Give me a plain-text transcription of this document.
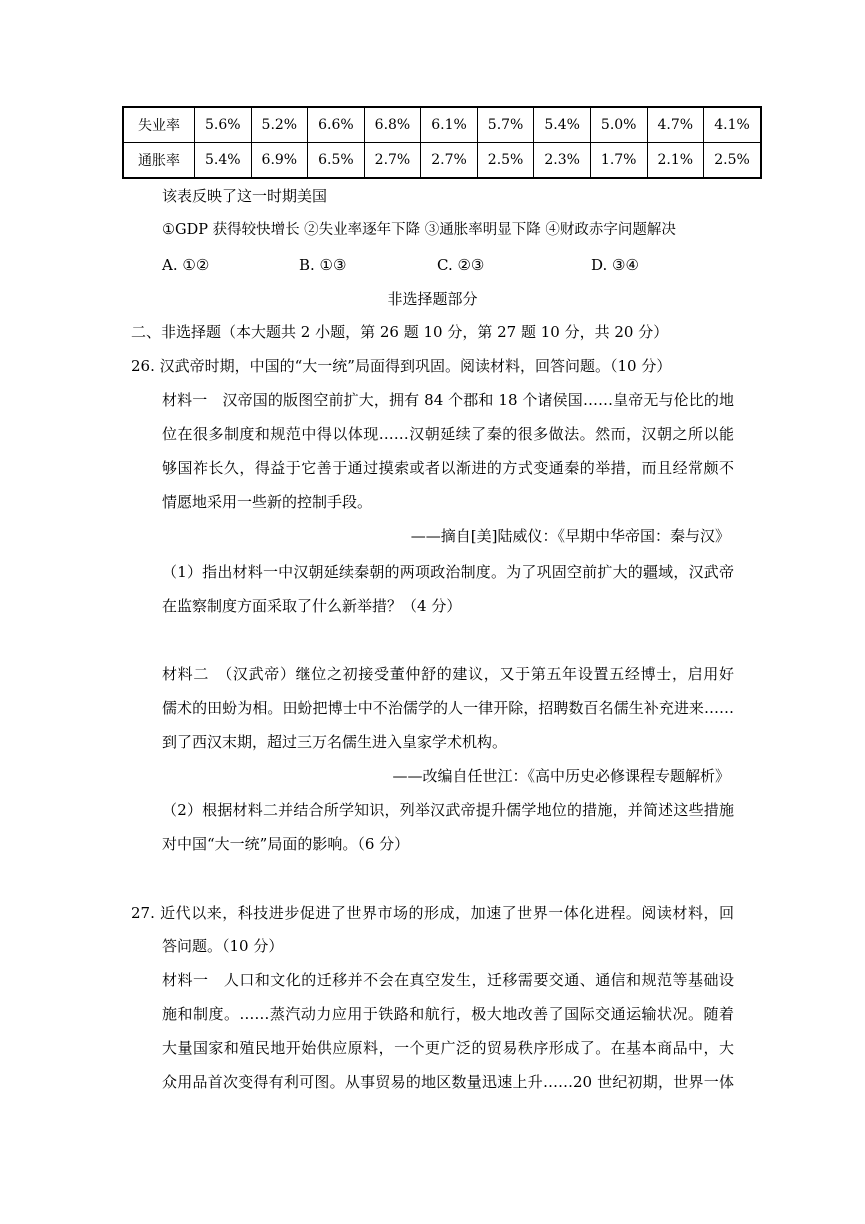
失业率	5.6%	5.2%	6.6%	6.8%	6.1%	5.7%	5.4%	5.0%	4.7%	4.1%
通胀率	5.4%	6.9%	6.5%	2.7%	2.7%	2.5%	2.3%	1.7%	2.1%	2.5%
该表反映了这一时期美国
①GDP 获得较快增长 ②失业率逐年下降 ③通胀率明显下降 ④财政赤字问题解决
A. ①②	B. ①③	C. ②③	D. ③④
非选择题部分
二、非选择题（本大题共 2 小题，第 26 题 10 分，第 27 题 10 分，共 20 分）
26. 汉武帝时期，中国的“大一统”局面得到巩固。阅读材料，回答问题。（10 分）
材料一　汉帝国的版图空前扩大，拥有 84 个郡和 18 个诸侯国……皇帝无与伦比的地
位在很多制度和规范中得以体现……汉朝延续了秦的很多做法。然而，汉朝之所以能
够国祚长久，得益于它善于通过摸索或者以渐进的方式变通秦的举措，而且经常颇不
情愿地采用一些新的控制手段。
——摘自[美]陆威仪：《早期中华帝国：秦与汉》
（1）指出材料一中汉朝延续秦朝的两项政治制度。为了巩固空前扩大的疆域，汉武帝
在监察制度方面采取了什么新举措？（4 分）
材料二　（汉武帝）继位之初接受董仲舒的建议，又于第五年设置五经博士，启用好
儒术的田蚡为相。田蚡把博士中不治儒学的人一律开除，招聘数百名儒生补充进来……
到了西汉末期，超过三万名儒生进入皇家学术机构。
——改编自任世江：《高中历史必修课程专题解析》
（2）根据材料二并结合所学知识，列举汉武帝提升儒学地位的措施，并简述这些措施
对中国“大一统”局面的影响。（6 分）
27. 近代以来，科技进步促进了世界市场的形成，加速了世界一体化进程。阅读材料，回
答问题。（10 分）
材料一　人口和文化的迁移并不会在真空发生，迁移需要交通、通信和规范等基础设
施和制度。……蒸汽动力应用于铁路和航行，极大地改善了国际交通运输状况。随着
大量国家和殖民地开始供应原料，一个更广泛的贸易秩序形成了。在基本商品中，大
众用品首次变得有利可图。从事贸易的地区数量迅速上升……20 世纪初期，世界一体
